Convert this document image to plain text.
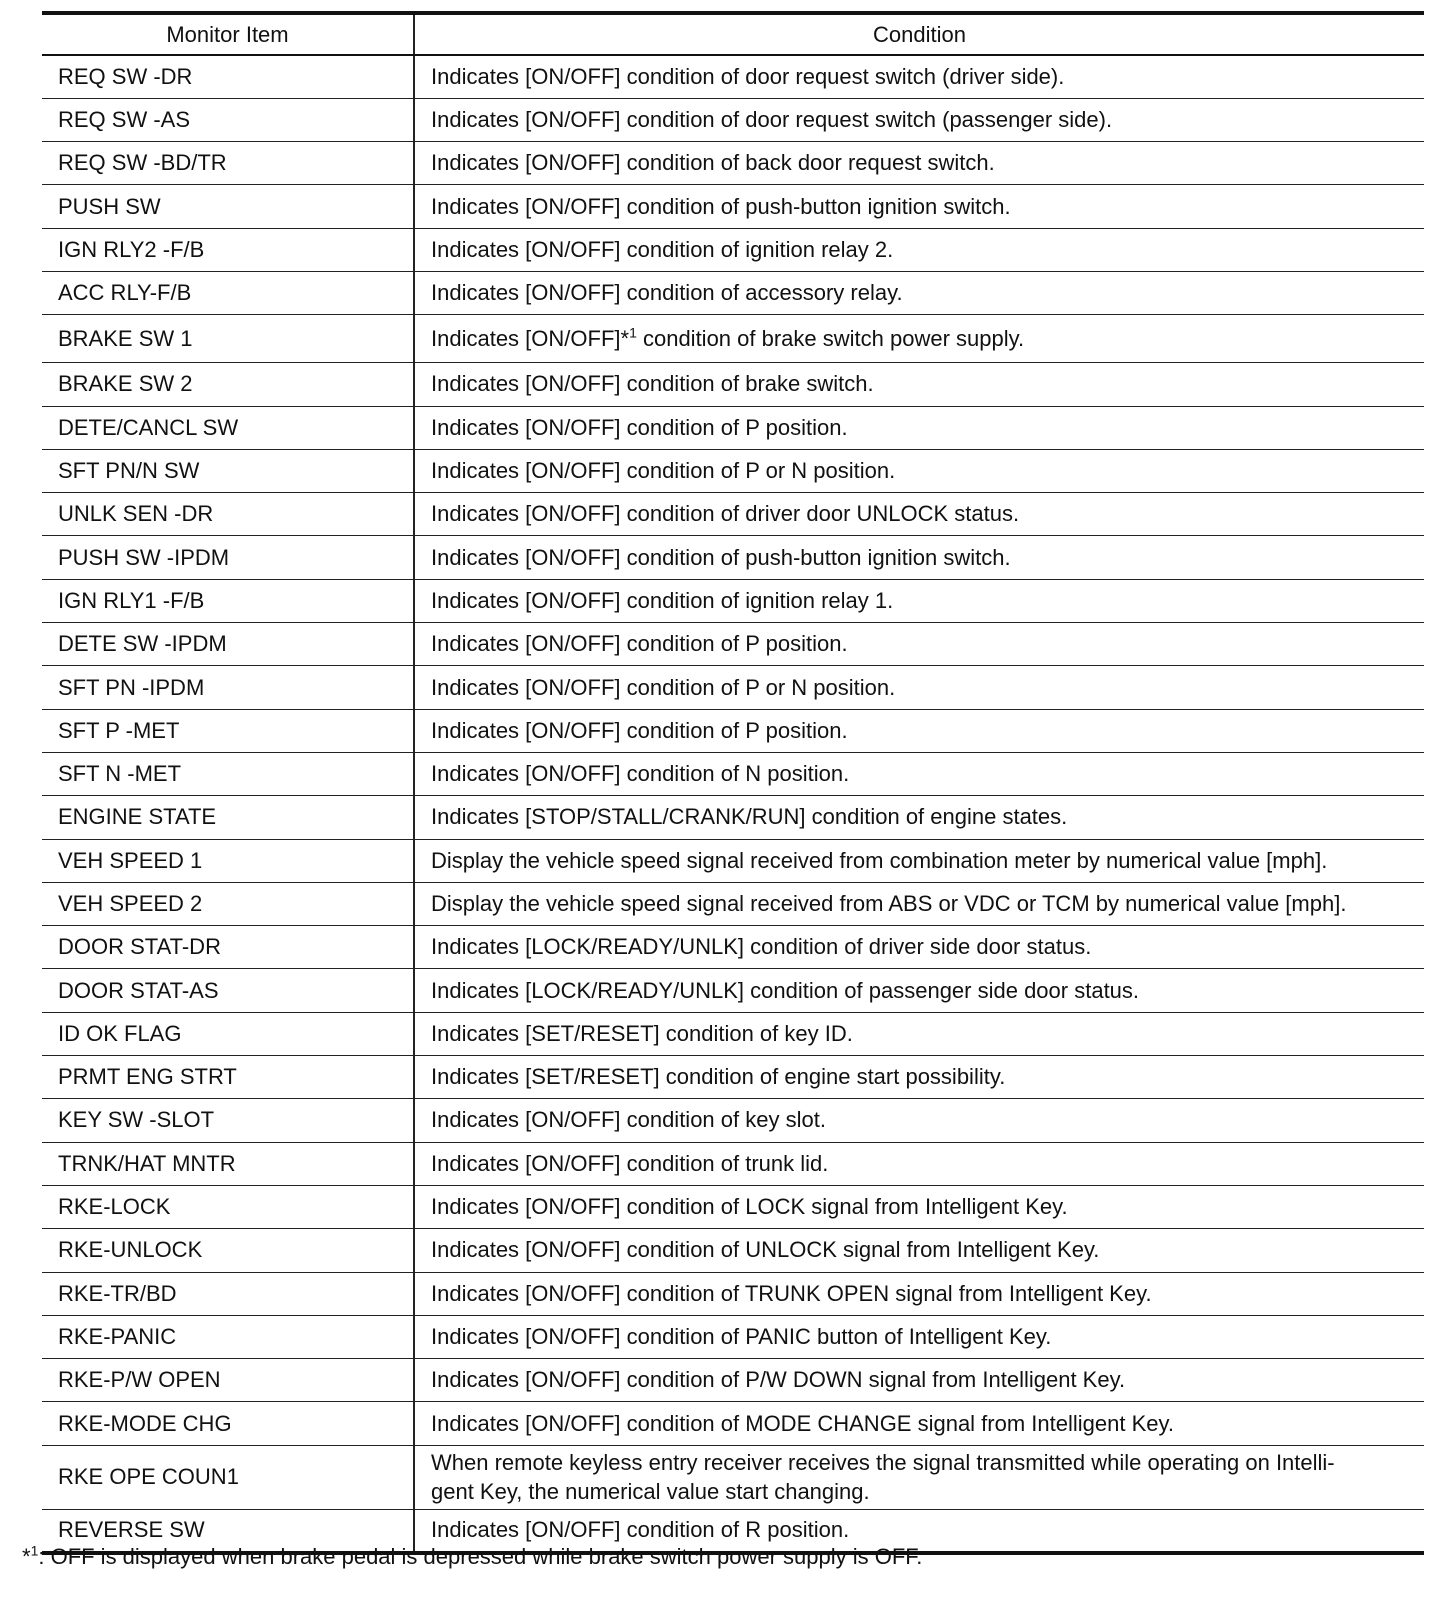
Monitor Item	Condition
REQ SW -DR	Indicates [ON/OFF] condition of door request switch (driver side).
REQ SW -AS	Indicates [ON/OFF] condition of door request switch (passenger side).
REQ SW -BD/TR	Indicates [ON/OFF] condition of back door request switch.
PUSH SW	Indicates [ON/OFF] condition of push-button ignition switch.
IGN RLY2 -F/B	Indicates [ON/OFF] condition of ignition relay 2.
ACC RLY-F/B	Indicates [ON/OFF] condition of accessory relay.
BRAKE SW 1	Indicates [ON/OFF]*$^1$ condition of brake switch power supply.
BRAKE SW 2	Indicates [ON/OFF] condition of brake switch.
DETE/CANCL SW	Indicates [ON/OFF] condition of P position.
SFT PN/N SW	Indicates [ON/OFF] condition of P or N position.
UNLK SEN -DR	Indicates [ON/OFF] condition of driver door UNLOCK status.
PUSH SW -IPDM	Indicates [ON/OFF] condition of push-button ignition switch.
IGN RLY1 -F/B	Indicates [ON/OFF] condition of ignition relay 1.
DETE SW -IPDM	Indicates [ON/OFF] condition of P position.
SFT PN -IPDM	Indicates [ON/OFF] condition of P or N position.
SFT P -MET	Indicates [ON/OFF] condition of P position.
SFT N -MET	Indicates [ON/OFF] condition of N position.
ENGINE STATE	Indicates [STOP/STALL/CRANK/RUN] condition of engine states.
VEH SPEED 1	Display the vehicle speed signal received from combination meter by numerical value [mph].
VEH SPEED 2	Display the vehicle speed signal received from ABS or VDC or TCM by numerical value [mph].
DOOR STAT-DR	Indicates [LOCK/READY/UNLK] condition of driver side door status.
DOOR STAT-AS	Indicates [LOCK/READY/UNLK] condition of passenger side door status.
ID OK FLAG	Indicates [SET/RESET] condition of key ID.
PRMT ENG STRT	Indicates [SET/RESET] condition of engine start possibility.
KEY SW -SLOT	Indicates [ON/OFF] condition of key slot.
TRNK/HAT MNTR	Indicates [ON/OFF] condition of trunk lid.
RKE-LOCK	Indicates [ON/OFF] condition of LOCK signal from Intelligent Key.
RKE-UNLOCK	Indicates [ON/OFF] condition of UNLOCK signal from Intelligent Key.
RKE-TR/BD	Indicates [ON/OFF] condition of TRUNK OPEN signal from Intelligent Key.
RKE-PANIC	Indicates [ON/OFF] condition of PANIC button of Intelligent Key.
RKE-P/W OPEN	Indicates [ON/OFF] condition of P/W DOWN signal from Intelligent Key.
RKE-MODE CHG	Indicates [ON/OFF] condition of MODE CHANGE signal from Intelligent Key.
RKE OPE COUN1	When remote keyless entry receiver receives the signal transmitted while operating on Intelli-
gent Key, the numerical value start changing.
REVERSE SW	Indicates [ON/OFF] condition of R position.
*$^1$: OFF is displayed when brake pedal is depressed while brake switch power supply is OFF.
